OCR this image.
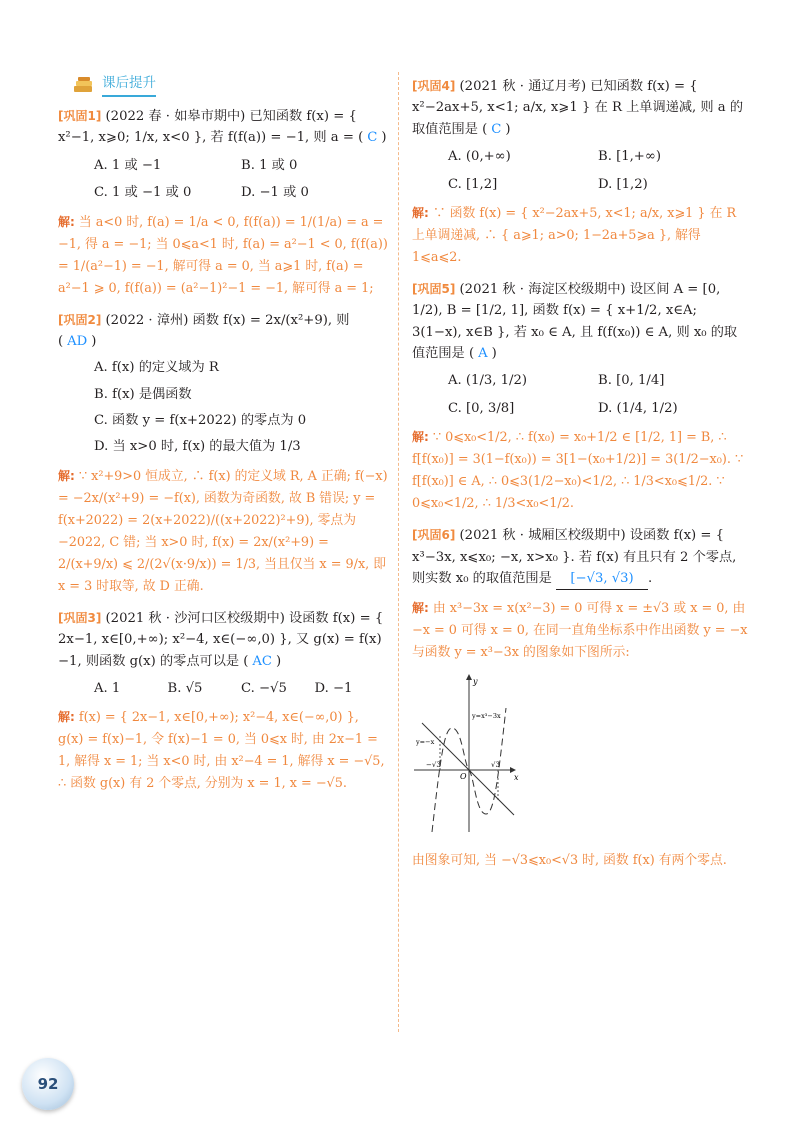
课后提升
[巩固1] (2022 春 · 如皋市期中) 已知函数 f(x) = { x²−1, x⩾0; 1/x, x<0 }, 若 f(f(a)) = −1, 则 a = ( C )
A. 1 或 −1	B. 1 或 0
C. 1 或 −1 或 0	D. −1 或 0
解: 当 a<0 时, f(a) = 1/a < 0, f(f(a)) = 1/(1/a) = a = −1, 得 a = −1; 当 0⩽a<1 时, f(a) = a²−1 < 0, f(f(a)) = 1/(a²−1) = −1, 解可得 a = 0, 当 a⩾1 时, f(a) = a²−1 ⩾ 0, f(f(a)) = (a²−1)²−1 = −1, 解可得 a = 1;
[巩固2] (2022 · 漳州) 函数 f(x) = 2x/(x²+9), 则 ( AD )
A. f(x) 的定义域为 R
B. f(x) 是偶函数
C. 函数 y = f(x+2022) 的零点为 0
D. 当 x>0 时, f(x) 的最大值为 1/3
解: ∵ x²+9>0 恒成立, ∴ f(x) 的定义域 R, A 正确; f(−x) = −2x/(x²+9) = −f(x), 函数为奇函数, 故 B 错误; y = f(x+2022) = 2(x+2022)/((x+2022)²+9), 零点为 −2022, C 错; 当 x>0 时, f(x) = 2x/(x²+9) = 2/(x+9/x) ⩽ 2/(2√(x·9/x)) = 1/3, 当且仅当 x = 9/x, 即 x = 3 时取等, 故 D 正确.
[巩固3] (2021 秋 · 沙河口区校级期中) 设函数 f(x) = { 2x−1, x∈[0,+∞); x²−4, x∈(−∞,0) }, 又 g(x) = f(x)−1, 则函数 g(x) 的零点可以是 ( AC )
A. 1	B. √5	C. −√5	D. −1
解: f(x) = { 2x−1, x∈[0,+∞); x²−4, x∈(−∞,0) }, g(x) = f(x)−1, 令 f(x)−1 = 0, 当 0⩽x 时, 由 2x−1 = 1, 解得 x = 1; 当 x<0 时, 由 x²−4 = 1, 解得 x = −√5, ∴ 函数 g(x) 有 2 个零点, 分别为 x = 1, x = −√5.
[巩固4] (2021 秋 · 通辽月考) 已知函数 f(x) = { x²−2ax+5, x<1; a/x, x⩾1 } 在 R 上单调递减, 则 a 的取值范围是 ( C )
A. (0,+∞)	B. [1,+∞)
C. [1,2]	D. [1,2)
解: ∵ 函数 f(x) = { x²−2ax+5, x<1; a/x, x⩾1 } 在 R 上单调递减, ∴ { a⩾1; a>0; 1−2a+5⩾a }, 解得 1⩽a⩽2.
[巩固5] (2021 秋 · 海淀区校级期中) 设区间 A = [0, 1/2), B = [1/2, 1], 函数 f(x) = { x+1/2, x∈A; 3(1−x), x∈B }, 若 x₀ ∈ A, 且 f(f(x₀)) ∈ A, 则 x₀ 的取值范围是 ( A )
A. (1/3, 1/2)	B. [0, 1/4]
C. [0, 3/8]	D. (1/4, 1/2)
解: ∵ 0⩽x₀<1/2, ∴ f(x₀) = x₀+1/2 ∈ [1/2, 1] = B, ∴ f[f(x₀)] = 3(1−f(x₀)) = 3[1−(x₀+1/2)] = 3(1/2−x₀). ∵ f[f(x₀)] ∈ A, ∴ 0⩽3(1/2−x₀)<1/2, ∴ 1/3<x₀⩽1/2. ∵ 0⩽x₀<1/2, ∴ 1/3<x₀<1/2.
[巩固6] (2021 秋 · 城厢区校级期中) 设函数 f(x) = { x³−3x, x⩽x₀; −x, x>x₀ }. 若 f(x) 有且只有 2 个零点, 则实数 x₀ 的取值范围是 [−√3, √3) .
解: 由 x³−3x = x(x²−3) = 0 可得 x = ±√3 或 x = 0, 由 −x = 0 可得 x = 0, 在同一直角坐标系中作出函数 y = −x 与函数 y = x³−3x 的图象如下图所示:
y
x
O
y=x³−3x
y=−x
−√3	√3
由图象可知, 当 −√3⩽x₀<√3 时, 函数 f(x) 有两个零点.
92
